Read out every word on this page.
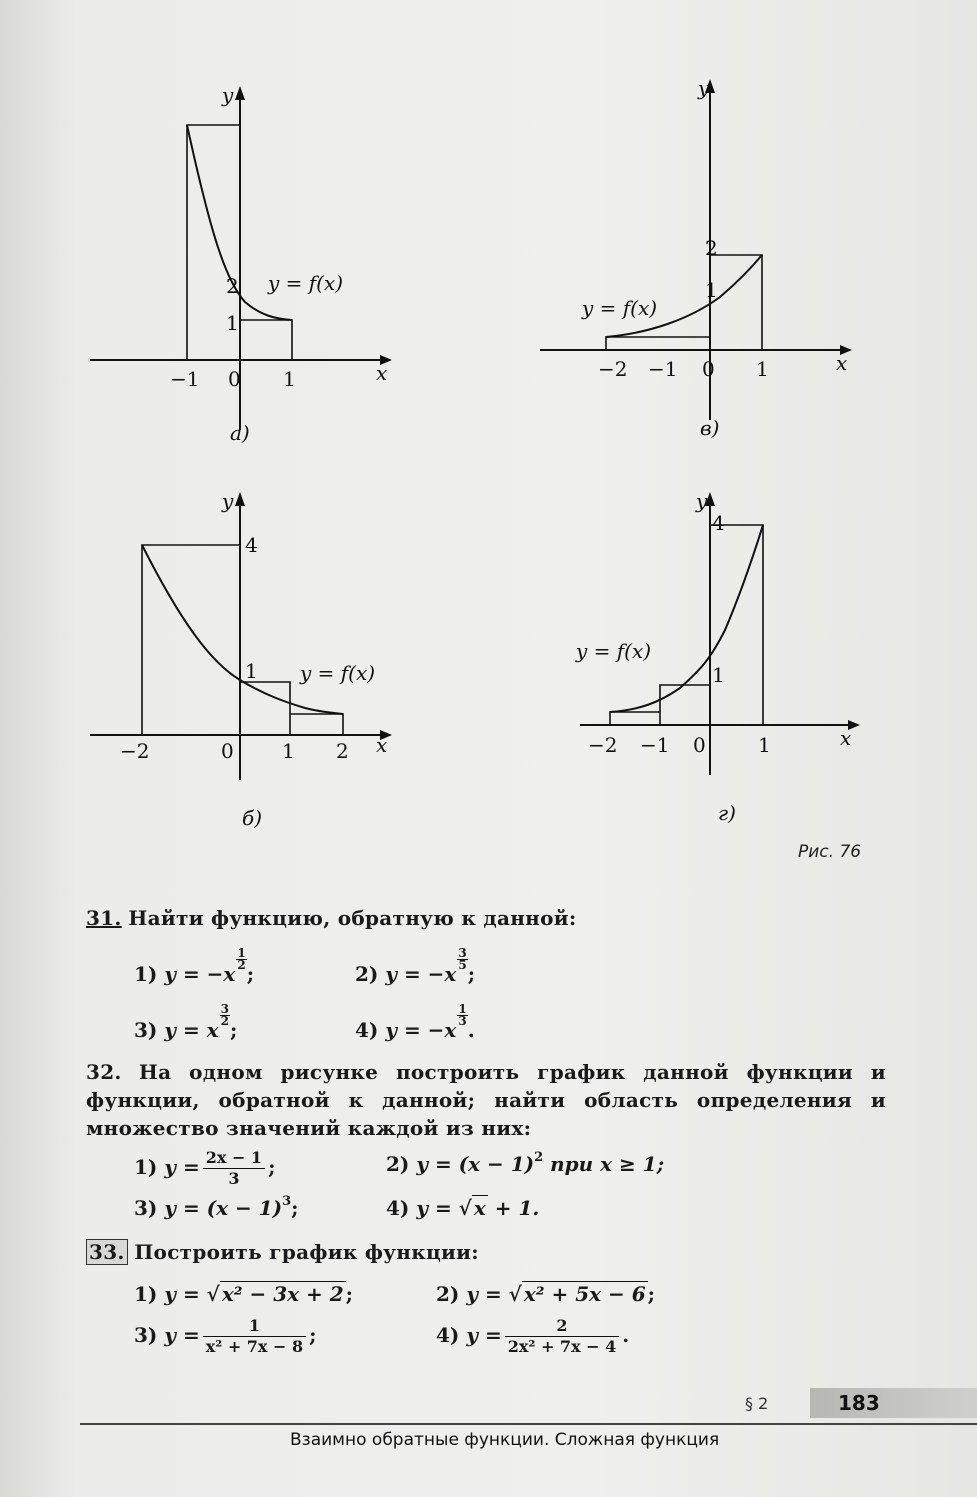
y
x
−1 0 1
2
1
y = f(x)
а)
y
x
−2 −1 0 1
2
1
y = f(x)
в)
y
x
−2	0 1 2
4
1 y = f(x)
б)
y
x
−2 −1 0	1
4
1
y = f(x)
г)
Рис. 76
31. Найти функцию, обратную к данной:
1) y = −x
$\frac{1}{2}$
;	2) y = −x
$\frac{3}{5}$
;
3) y = x
$\frac{3}{2}$
;	4) y = −x
$\frac{1}{3}$
.
32. На одном рисунке построить график данной функции и функции, обратной к данной; найти область определения и множество значений каждой из них:
1) $y = \frac{2x - 1}{3}$ ;	2) $y = (x - 1)^2$ при x ≥ 1;
3) $y = (x - 1)^3$;	4) y = √ x + 1.
33. Построить график функции:
1) y = √ x² − 3x + 2 ;	2) y = √ x² + 5x − 6 ;
3) $y = \frac{1}{\text{x² + 7x − 8}}$ ;	4) $y = \frac{2}{\text{2x² + 7x − 4}}$ .
§ 2	183
Взаимно обратные функции. Сложная функция
